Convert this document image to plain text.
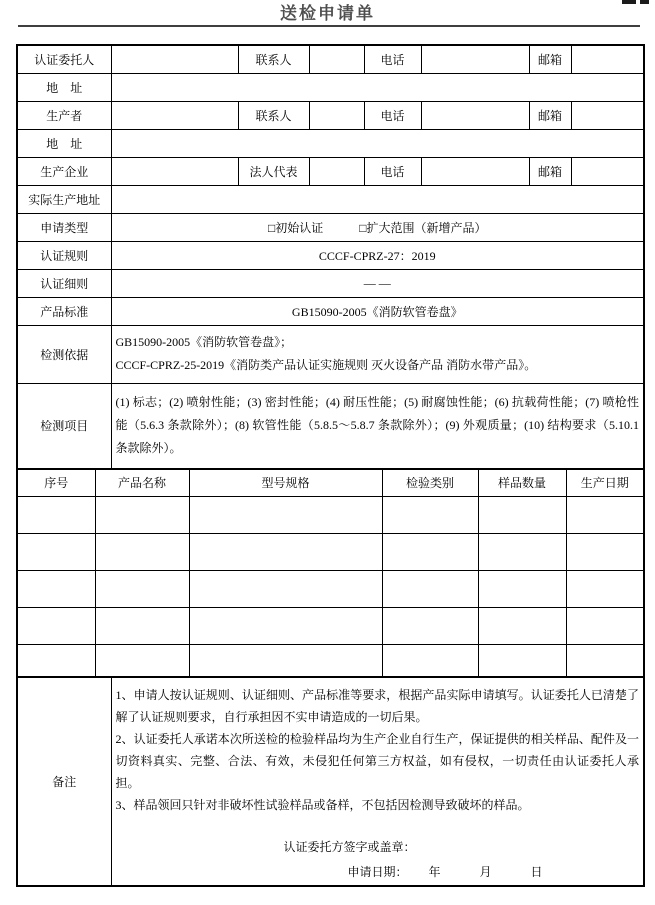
送检申请单
认证委托人		联系人		电话		邮箱	
地　址							
生产者		联系人		电话		邮箱	
地　址							
生产企业		法人代表		电话		邮箱	
实际生产地址							
申请类型	□初始认证 □扩大范围（新增产品）						
认证规则	CCCF-CPRZ-27：2019						
认证细则	— —						
产品标准	GB15090-2005《消防软管卷盘》						
检测依据	GB15090-2005《消防软管卷盘》；
CCCF-CPRZ-25-2019《消防类产品认证实施规则 灭火设备产品 消防水带产品》。						

检测项目	(1) 标志；(2) 喷射性能；(3) 密封性能；(4) 耐压性能；(5) 耐腐蚀性能；(6) 抗载荷性能；(7) 喷枪性能（5.6.3 条款除外）；(8) 软管性能（5.8.5～5.8.7 条款除外）；(9) 外观质量；(10) 结构要求（5.10.1 条款除外）。						
序号	产品名称	型号规格	检验类别	样品数量	生产日期

备注	
1、申请人按认证规则、认证细则、产品标准等要求，根据产品实际申请填写。认证委托人已清楚了解了认证规则要求，自行承担因不实申请造成的一切后果。
2、认证委托人承诺本次所送检的检验样品均为生产企业自行生产，保证提供的相关样品、配件及一切资料真实、完整、合法、有效，未侵犯任何第三方权益，如有侵权，一切责任由认证委托人承担。
3、样品领回只针对非破坏性试验样品或备样，不包括因检测导致破坏的样品。
认证委托方签字或盖章：
申请日期：       年             月             日
